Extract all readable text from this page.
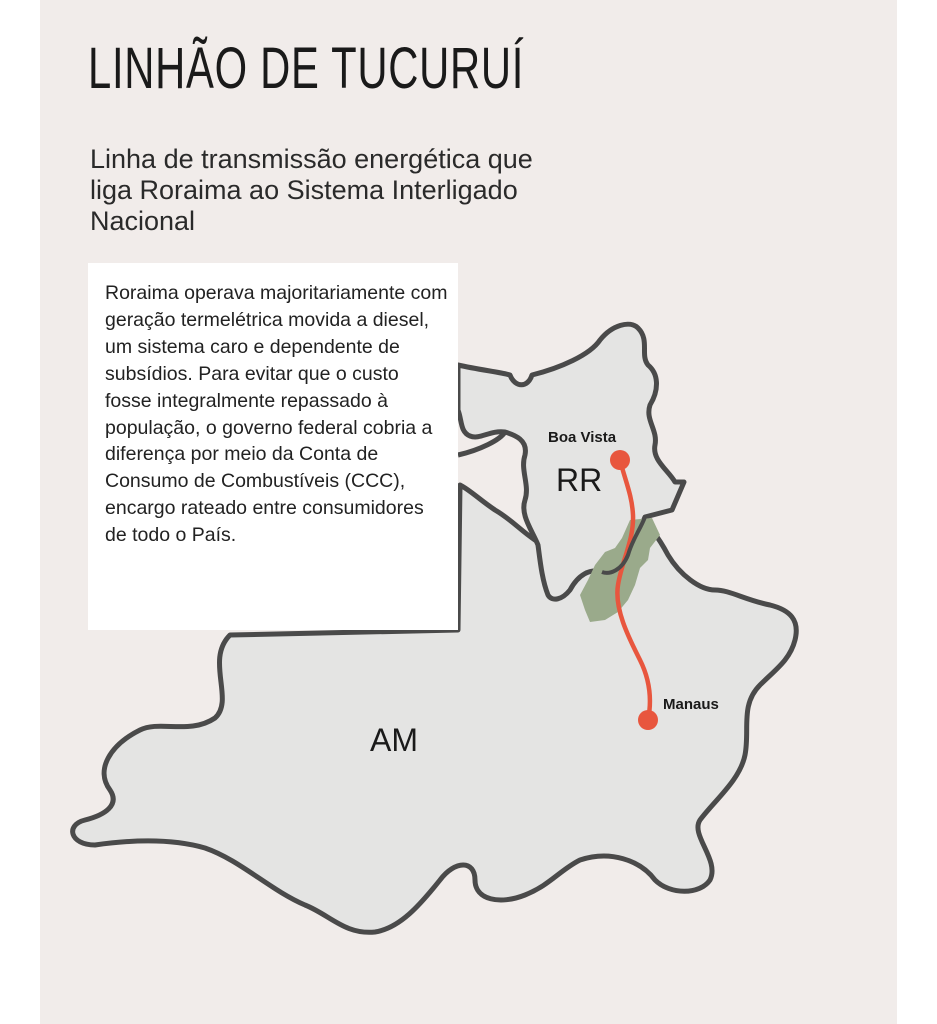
LINHÃO DE TUCURUÍ

Linha de transmissão energética que liga Roraima ao Sistema Interligado Nacional

Boa Vista
Manaus
RR
AM

Roraima operava majoritariamente com geração termelétrica movida a diesel, um sistema caro e dependente de subsídios. Para evitar que o custo fosse integralmente repassado à população, o governo federal cobria a diferença por meio da Conta de Consumo de Combustíveis (CCC), encargo rateado entre consumidores de todo o País.
